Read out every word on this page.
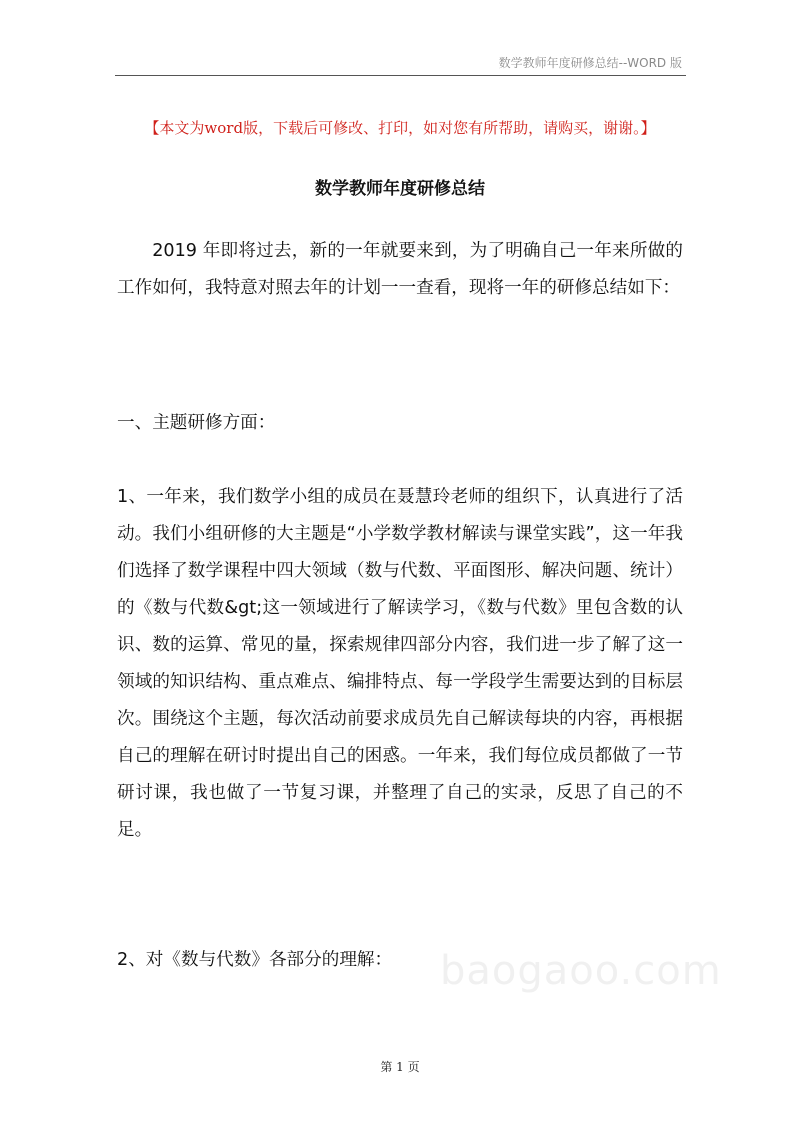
数学教师年度研修总结--WORD 版
【本文为word版，下载后可修改、打印，如对您有所帮助，请购买，谢谢。】
数学教师年度研修总结
2019 年即将过去，新的一年就要来到，为了明确自己一年来所做的工作如何，我特意对照去年的计划一一查看，现将一年的研修总结如下：
一、主题研修方面：
1、一年来，我们数学小组的成员在聂慧玲老师的组织下，认真进行了活动。我们小组研修的大主题是“小学数学教材解读与课堂实践”，这一年我们选择了数学课程中四大领域（数与代数、平面图形、解决问题、统计）的《数与代数&gt;这一领域进行了解读学习，《数与代数》里包含数的认识、数的运算、常见的量，探索规律四部分内容，我们进一步了解了这一领域的知识结构、重点难点、编排特点、每一学段学生需要达到的目标层次。围绕这个主题，每次活动前要求成员先自己解读每块的内容，再根据自己的理解在研讨时提出自己的困惑。一年来，我们每位成员都做了一节研讨课，我也做了一节复习课，并整理了自己的实录，反思了自己的不足。
2、对《数与代数》各部分的理解：	baogaoo.com
第 1 页
